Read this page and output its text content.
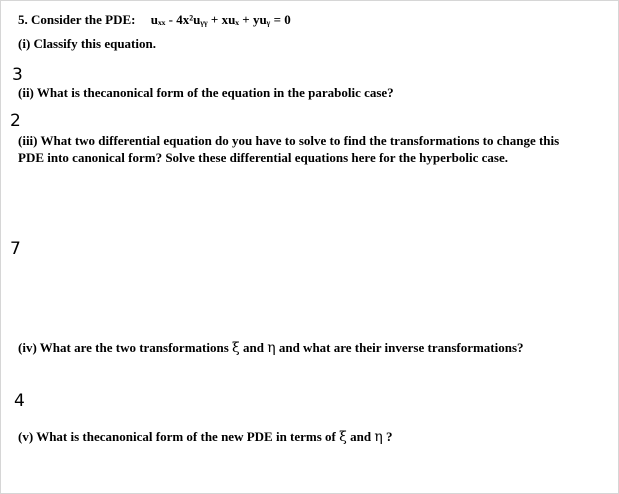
5. Consider the PDE: uₓₓ - 4x²uᵧᵧ + xuₓ + yuᵧ = 0
(i) Classify this equation.
3
(ii) What is thecanonical form of the equation in the parabolic case?
2
(iii) What two differential equation do you have to solve to find the transformations to change this PDE into canonical form? Solve these differential equations here for the hyperbolic case.
7
(iv) What are the two transformations ξ and η and what are their inverse transformations?
4
(v) What is thecanonical form of the new PDE in terms of ξ and η ?
